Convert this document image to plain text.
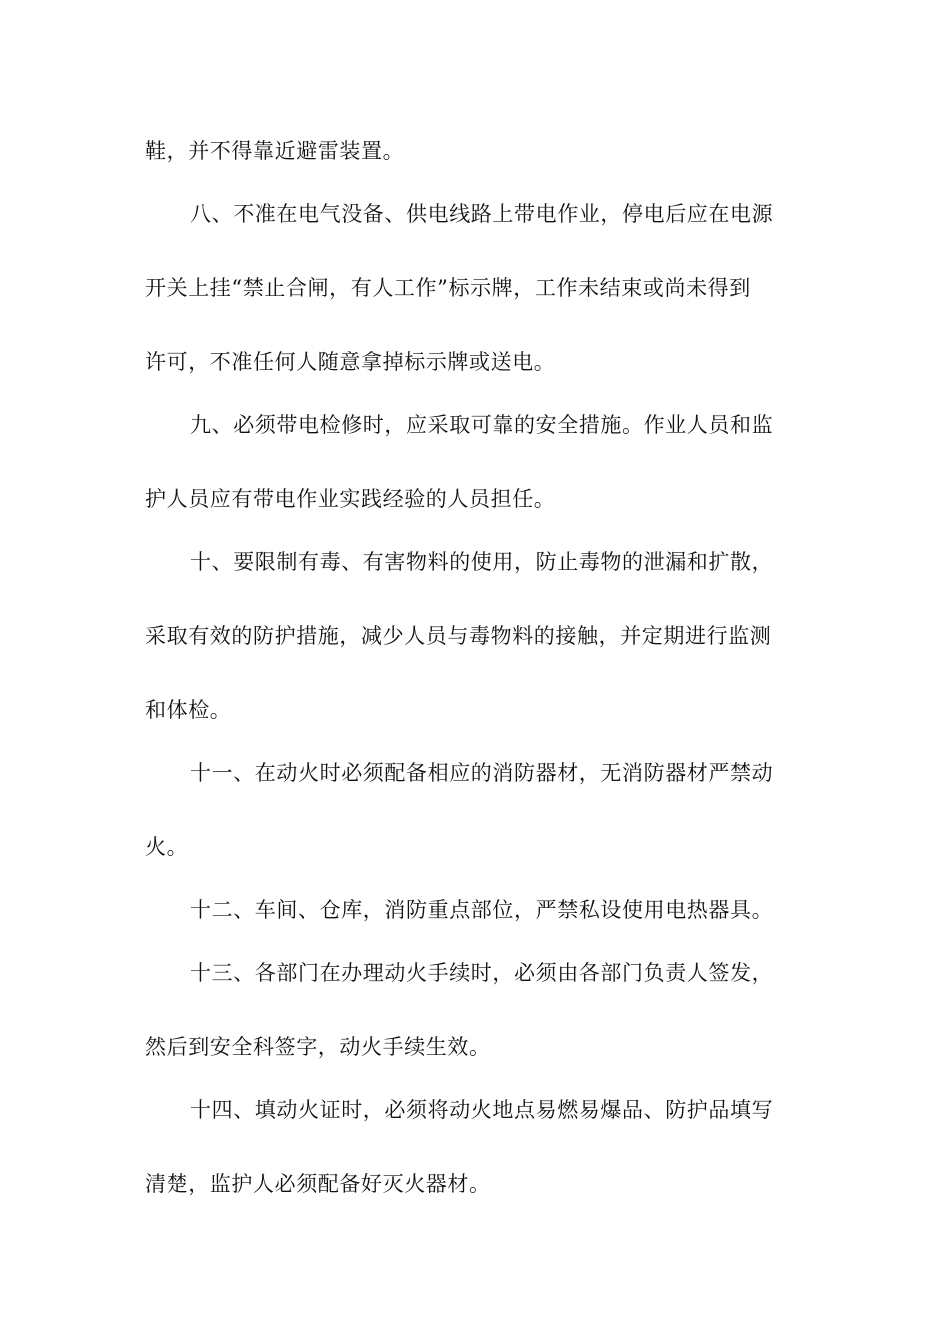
鞋，并不得靠近避雷装置。
八、不准在电气没备、供电线路上带电作业，停电后应在电源
开关上挂“禁止合闸，有人工作”标示牌，工作未结束或尚未得到
许可，不准任何人随意拿掉标示牌或送电。
九、必须带电检修时，应采取可靠的安全措施。作业人员和监
护人员应有带电作业实践经验的人员担任。
十、要限制有毒、有害物料的使用，防止毒物的泄漏和扩散，
采取有效的防护措施，减少人员与毒物料的接触，并定期进行监测
和体检。
十一、在动火时必须配备相应的消防器材，无消防器材严禁动
火。
十二、车间、仓库，消防重点部位，严禁私设使用电热器具。
十三、各部门在办理动火手续时，必须由各部门负责人签发，
然后到安全科签字，动火手续生效。
十四、填动火证时，必须将动火地点易燃易爆品、防护品填写
清楚，监护人必须配备好灭火器材。
